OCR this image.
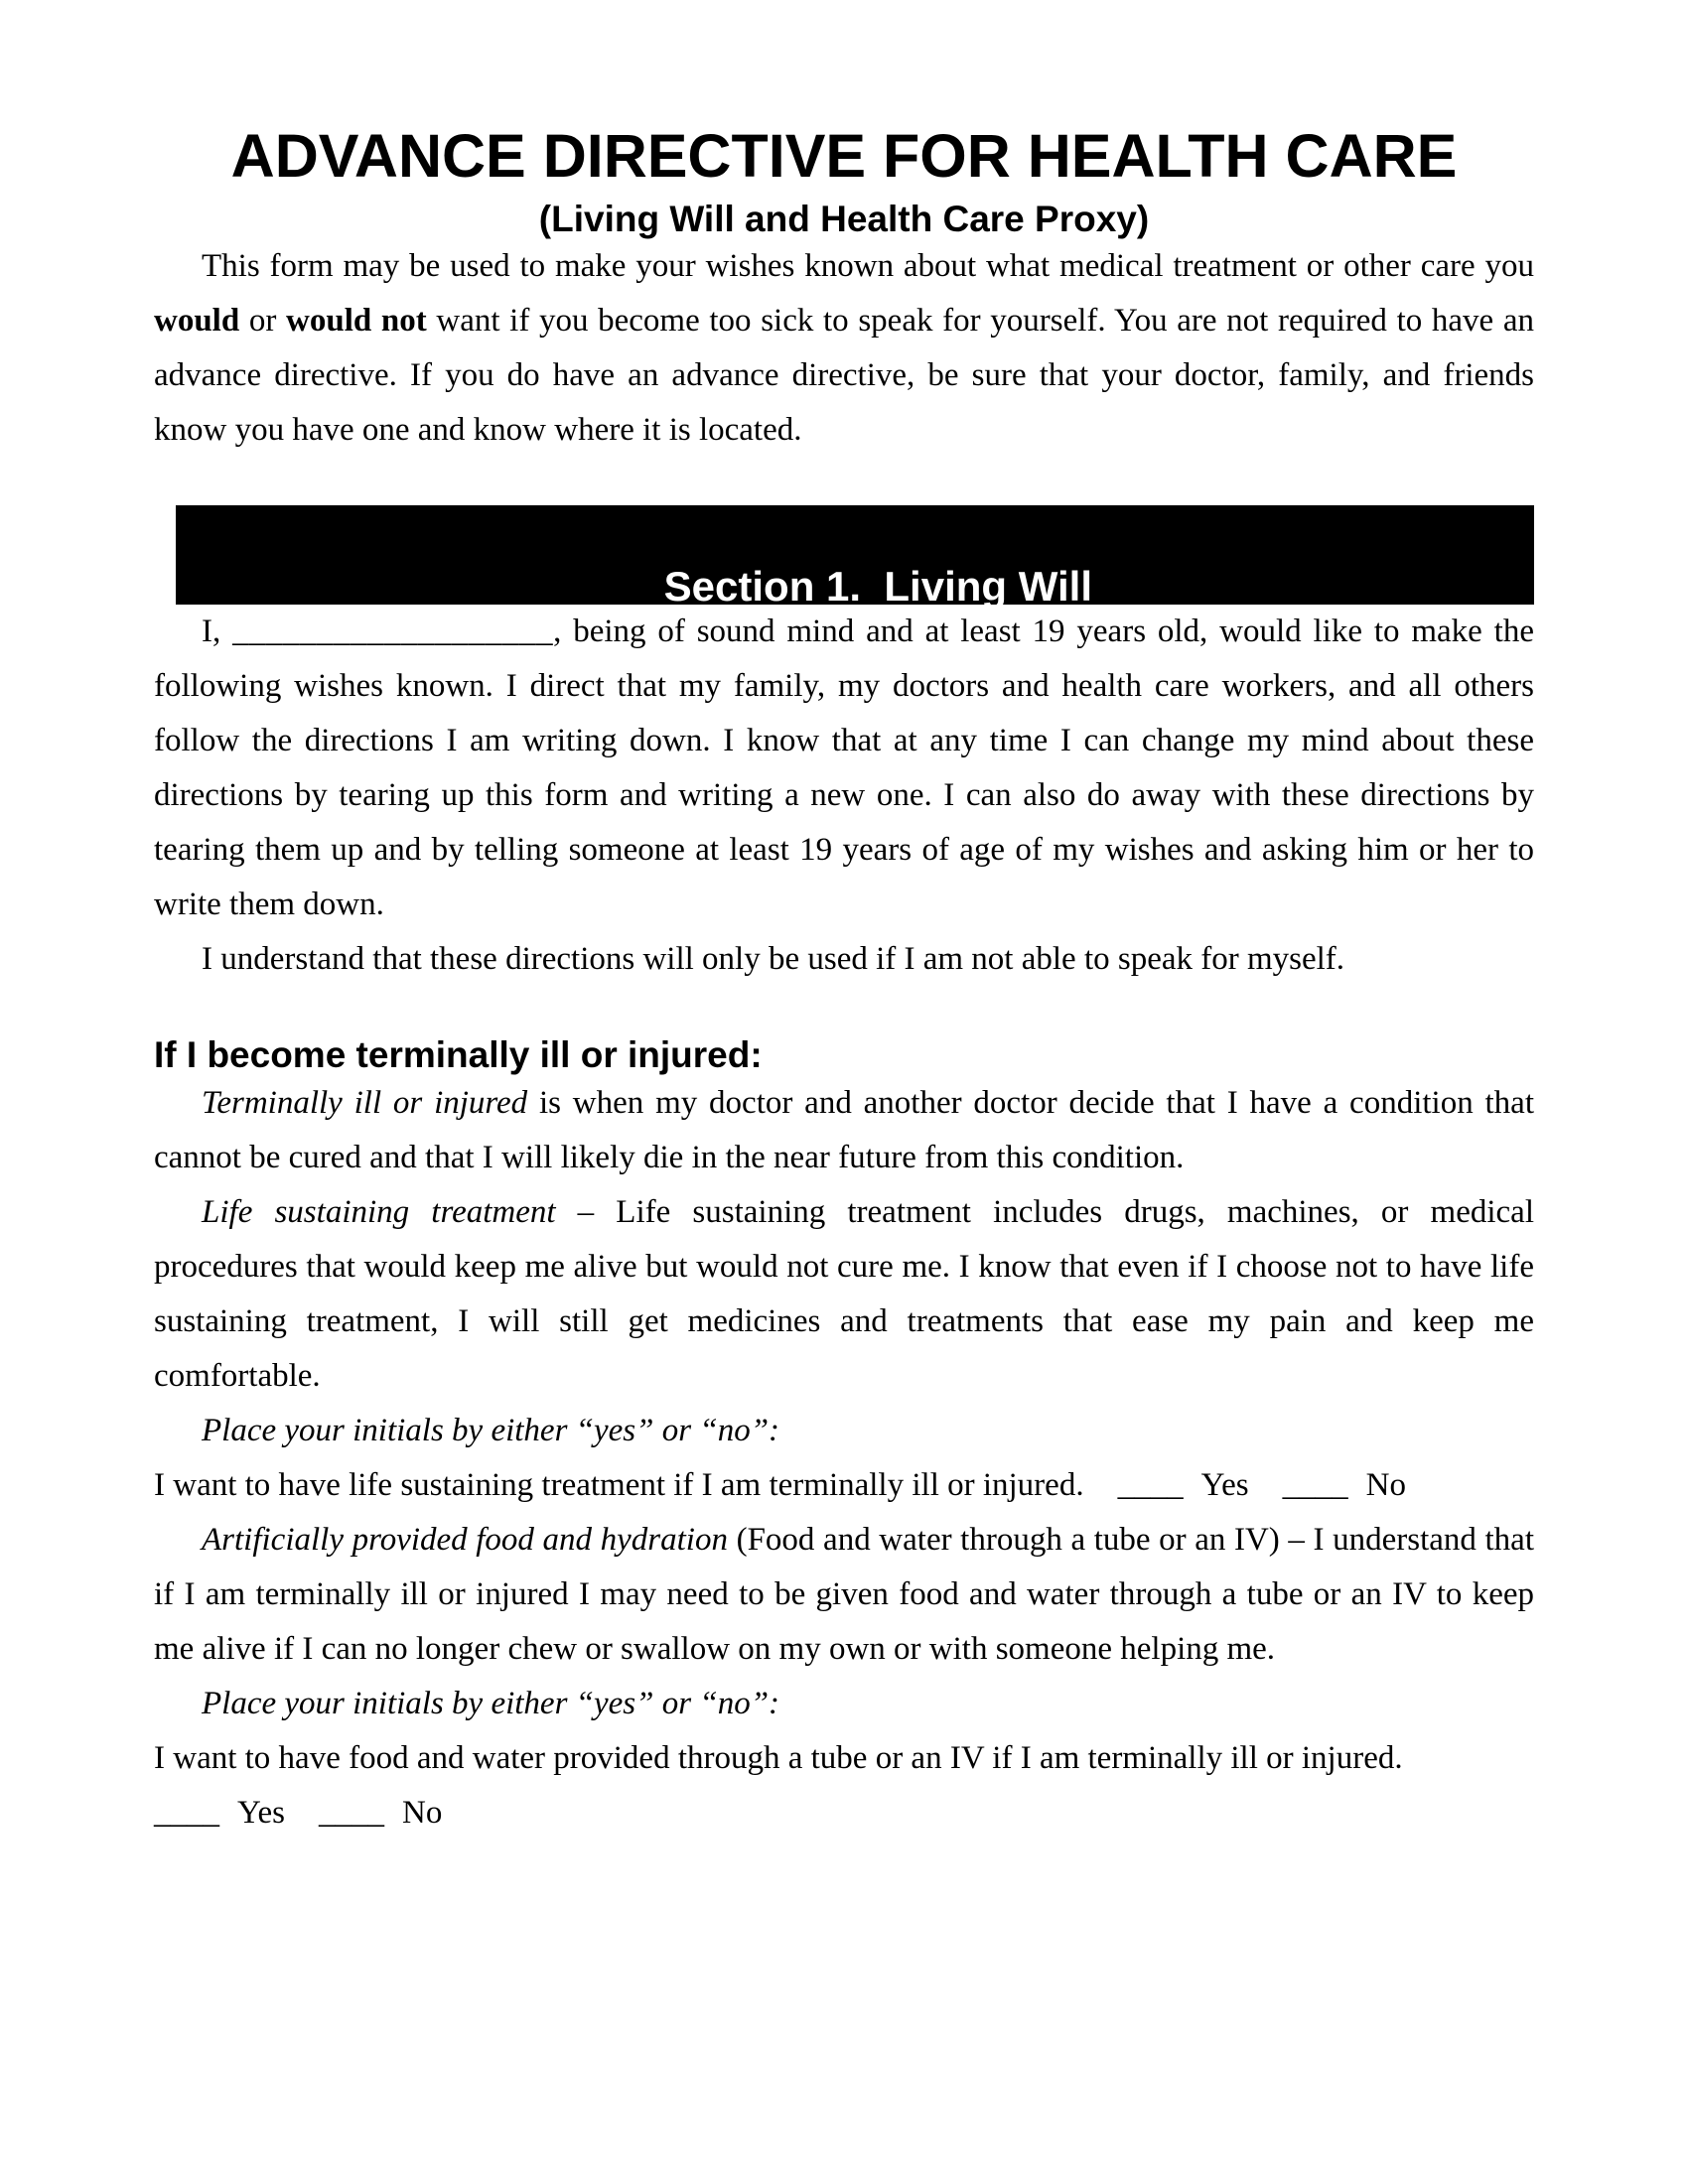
ADVANCE DIRECTIVE FOR HEALTH CARE
(Living Will and Health Care Proxy)

This form may be used to make your wishes known about what medical treatment or other care you would or would not want if you become too sick to speak for yourself. You are not required to have an advance directive. If you do have an advance directive, be sure that your doctor, family, and friends know you have one and know where it is located.

Section 1.  Living Will

I, ___________________, being of sound mind and at least 19 years old, would like to make the following wishes known. I direct that my family, my doctors and health care workers, and all others follow the directions I am writing down. I know that at any time I can change my mind about these directions by tearing up this form and writing a new one. I can also do away with these directions by tearing them up and by telling someone at least 19 years of age of my wishes and asking him or her to write them down.

I understand that these directions will only be used if I am not able to speak for myself.

If I become terminally ill or injured:

Terminally ill or injured is when my doctor and another doctor decide that I have a condition that cannot be cured and that I will likely die in the near future from this condition.

Life sustaining treatment – Life sustaining treatment includes drugs, machines, or medical procedures that would keep me alive but would not cure me. I know that even if I choose not to have life sustaining treatment, I will still get medicines and treatments that ease my pain and keep me comfortable.

Place your initials by either “yes” or “no”:

I want to have life sustaining treatment if I am terminally ill or injured. ____ Yes ____ No

Artificially provided food and hydration (Food and water through a tube or an IV) – I understand that if I am terminally ill or injured I may need to be given food and water through a tube or an IV to keep me alive if I can no longer chew or swallow on my own or with someone helping me.

Place your initials by either “yes” or “no”:

I want to have food and water provided through a tube or an IV if I am terminally ill or injured.

____ Yes ____ No
